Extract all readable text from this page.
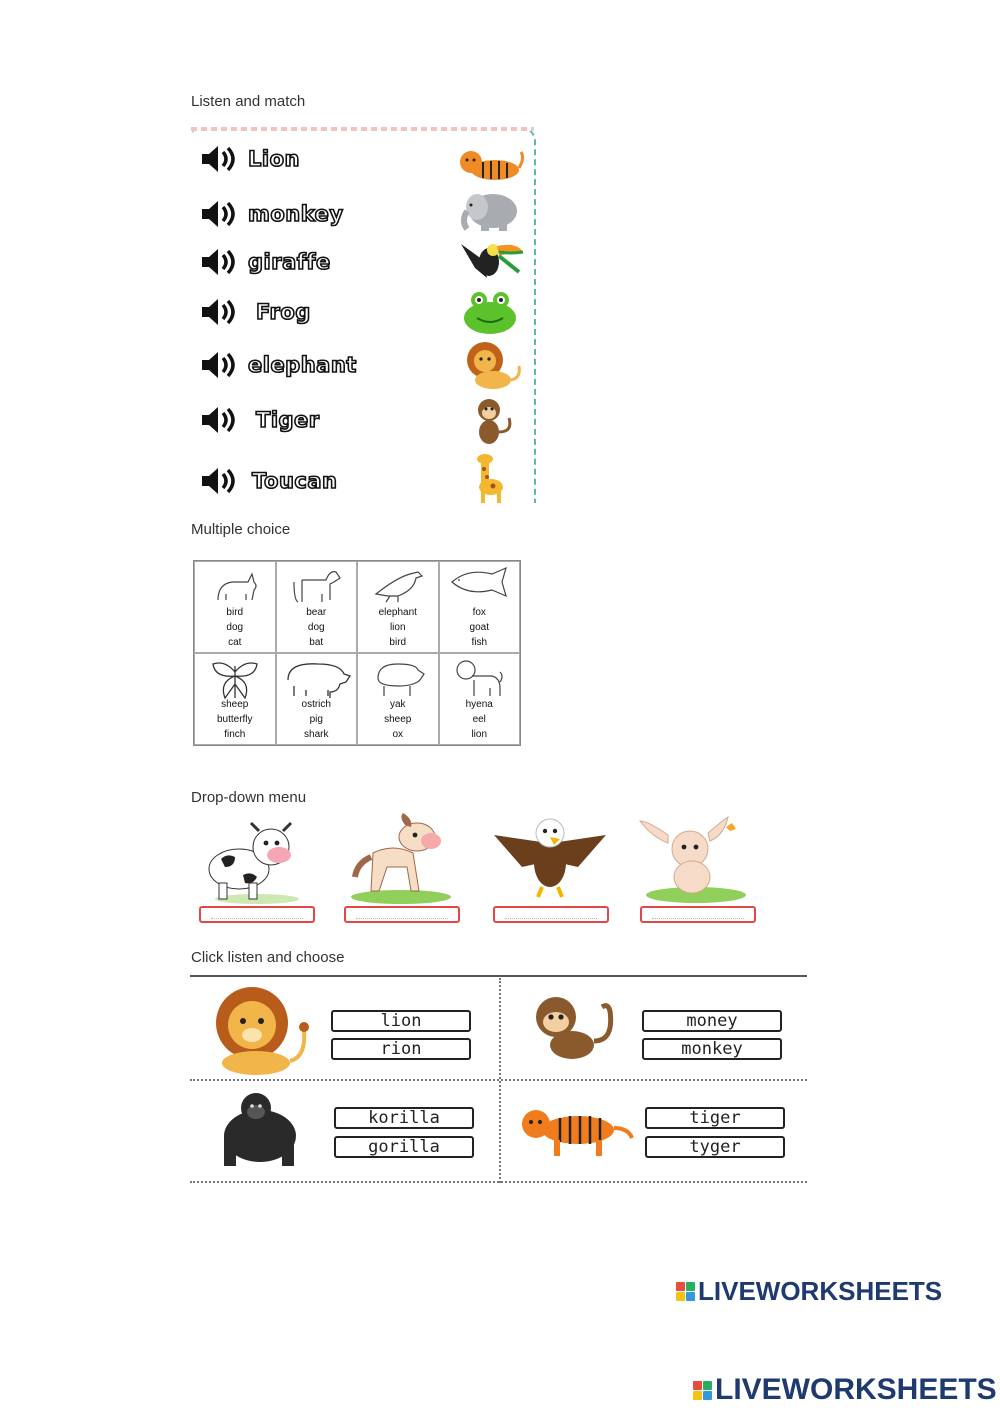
Listen and match
Lion
monkey
giraffe
Frog
elephant
Tiger
Toucan
Multiple choice
bird
dog
cat
bear
dog
bat
elephant
lion
bird
fox
goat
fish
sheep
butterfly
finch
ostrich
pig
shark
yak
sheep
ox
hyena
eel
lion
Drop-down menu
Click listen and choose
lion
rion
money
monkey
korilla
gorilla
tiger
tyger
LIVEWORKSHEETS
LIVEWORKSHEETS
